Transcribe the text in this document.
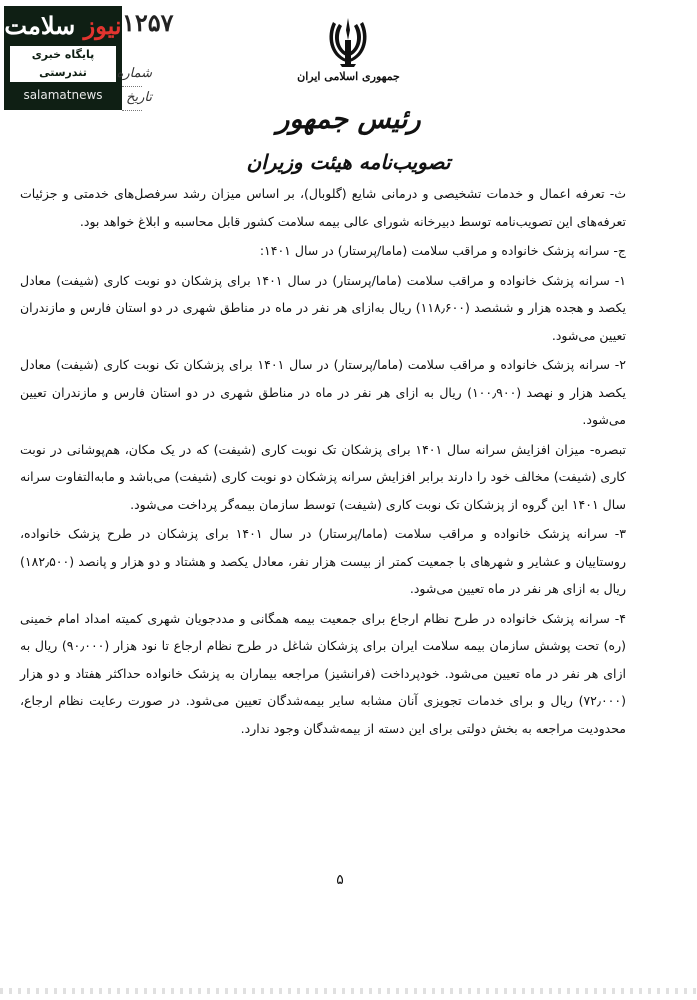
نیوز سلامت
پایگاه خبری تندرستی
salamatnews
۱۲۵۷
شماره
تاریخ
جمهوری اسلامی ایران
رئیس جمهور
تصویب‌نامه هیئت وزیران

ث- تعرفه اعمال و خدمات تشخیصی و درمانی شایع (گلوبال)، بر اساس میزان رشد سرفصل‌های خدمتی و جزئیات تعرفه‌های این تصویب‌نامه توسط دبیرخانه شورای عالی بیمه سلامت کشور قابل محاسبه و ابلاغ خواهد بود.

ج- سرانه پزشک خانواده و مراقب سلامت (ماما/پرستار) در سال ۱۴۰۱:

۱- سرانه پزشک خانواده و مراقب سلامت (ماما/پرستار) در سال ۱۴۰۱ برای پزشکان دو نوبت کاری (شیفت) معادل یکصد و هجده هزار و ششصد (۱۱۸٫۶۰۰) ریال به‌ازای هر نفر در ماه در مناطق شهری در دو استان فارس و مازندران تعیین می‌شود.

۲- سرانه پزشک خانواده و مراقب سلامت (ماما/پرستار) در سال ۱۴۰۱ برای پزشکان تک نوبت کاری (شیفت) معادل یکصد هزار و نهصد (۱۰۰٫۹۰۰) ریال به ازای هر نفر در ماه در مناطق شهری در دو استان فارس و مازندران تعیین می‌شود.

تبصره- میزان افزایش سرانه سال ۱۴۰۱ برای پزشکان تک نوبت کاری (شیفت) که در یک مکان، هم‌پوشانی در نوبت کاری (شیفت) مخالف خود را دارند برابر افزایش سرانه پزشکان دو نوبت کاری (شیفت) می‌باشد و مابه‌التفاوت سرانه سال ۱۴۰۱ این گروه از پزشکان تک نوبت کاری (شیفت) توسط سازمان بیمه‌گر پرداخت می‌شود.

۳- سرانه پزشک خانواده و مراقب سلامت (ماما/پرستار) در سال ۱۴۰۱ برای پزشکان در طرح پزشک خانواده، روستاییان و عشایر و شهرهای با جمعیت کمتر از بیست هزار نفر، معادل یکصد و هشتاد و دو هزار و پانصد (۱۸۲٫۵۰۰) ریال به ازای هر نفر در ماه تعیین می‌شود.

۴- سرانه پزشک خانواده در طرح نظام ارجاع برای جمعیت بیمه همگانی و مددجویان شهری کمیته امداد امام خمینی (ره) تحت پوشش سازمان بیمه سلامت ایران برای پزشکان شاغل در طرح نظام ارجاع تا نود هزار (۹۰٫۰۰۰) ریال به ازای هر نفر در ماه تعیین می‌شود. خودپرداخت (فرانشیز) مراجعه بیماران به پزشک خانواده حداکثر هفتاد و دو هزار (۷۲٫۰۰۰) ریال و برای خدمات تجویزی آنان مشابه سایر بیمه‌شدگان تعیین می‌شود. در صورت رعایت نظام ارجاع، محدودیت مراجعه به بخش دولتی برای این دسته از بیمه‌شدگان وجود ندارد.

۵
